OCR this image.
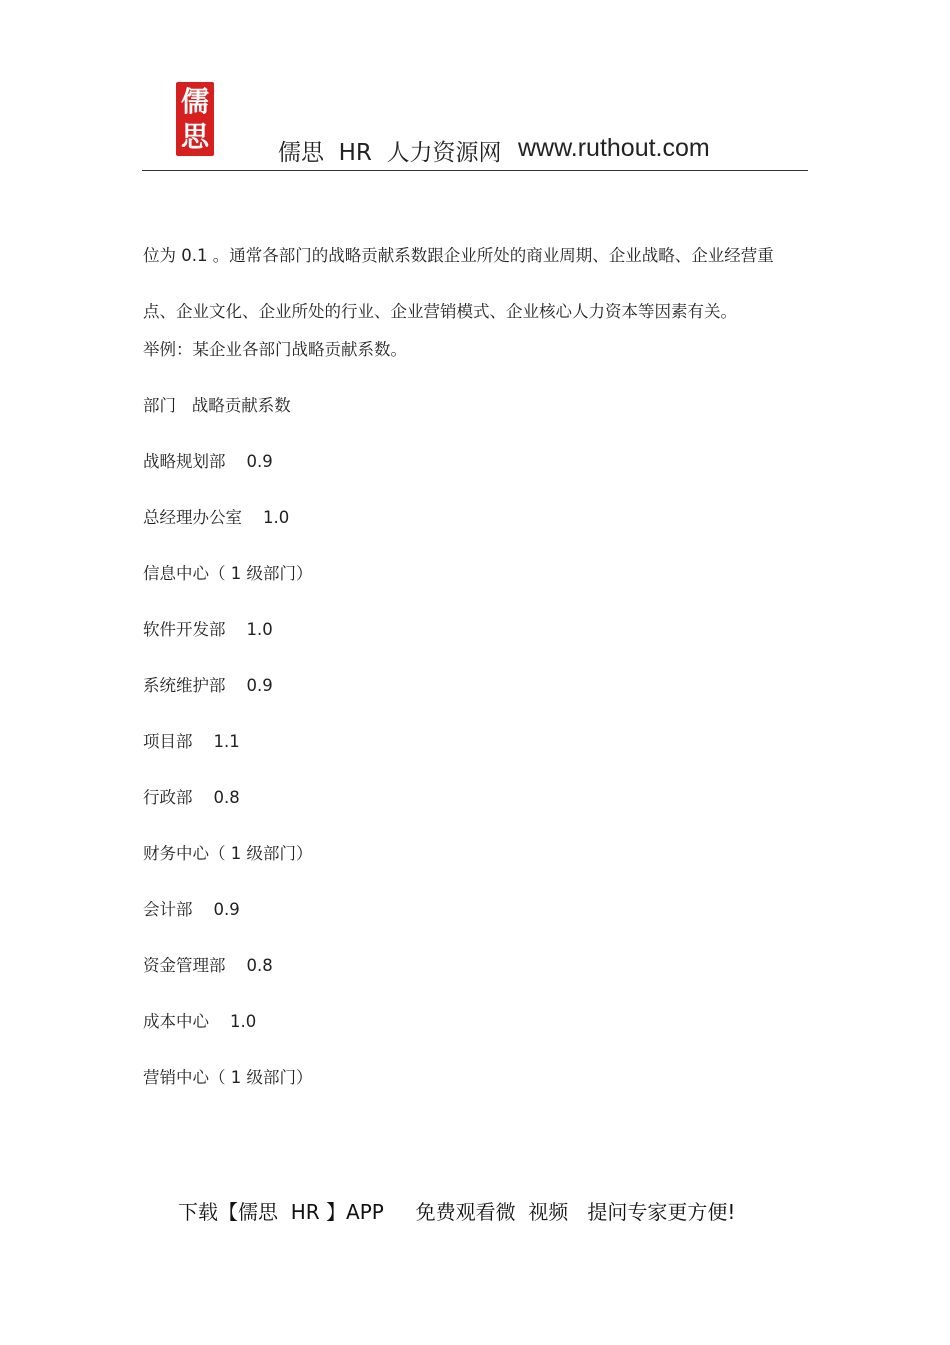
儒
思
儒思  HR  人力资源网 www.ruthout.com

位为 0.1 。通常各部门的战略贡献系数跟企业所处的商业周期、企业战略、企业经营重点、企业文化、企业所处的行业、企业营销模式、企业核心人力资本等因素有关。

举例：某企业各部门战略贡献系数。

部门   战略贡献系数

战略规划部    0.9

总经理办公室    1.0

信息中心（ 1 级部门）

软件开发部    1.0

系统维护部    0.9

项目部    1.1

行政部    0.8

财务中心（ 1 级部门）

会计部    0.9

资金管理部    0.8

成本中心    1.0

营销中心（ 1 级部门）

下载【儒思  HR 】APP     免费观看微  视频   提问专家更方便!
